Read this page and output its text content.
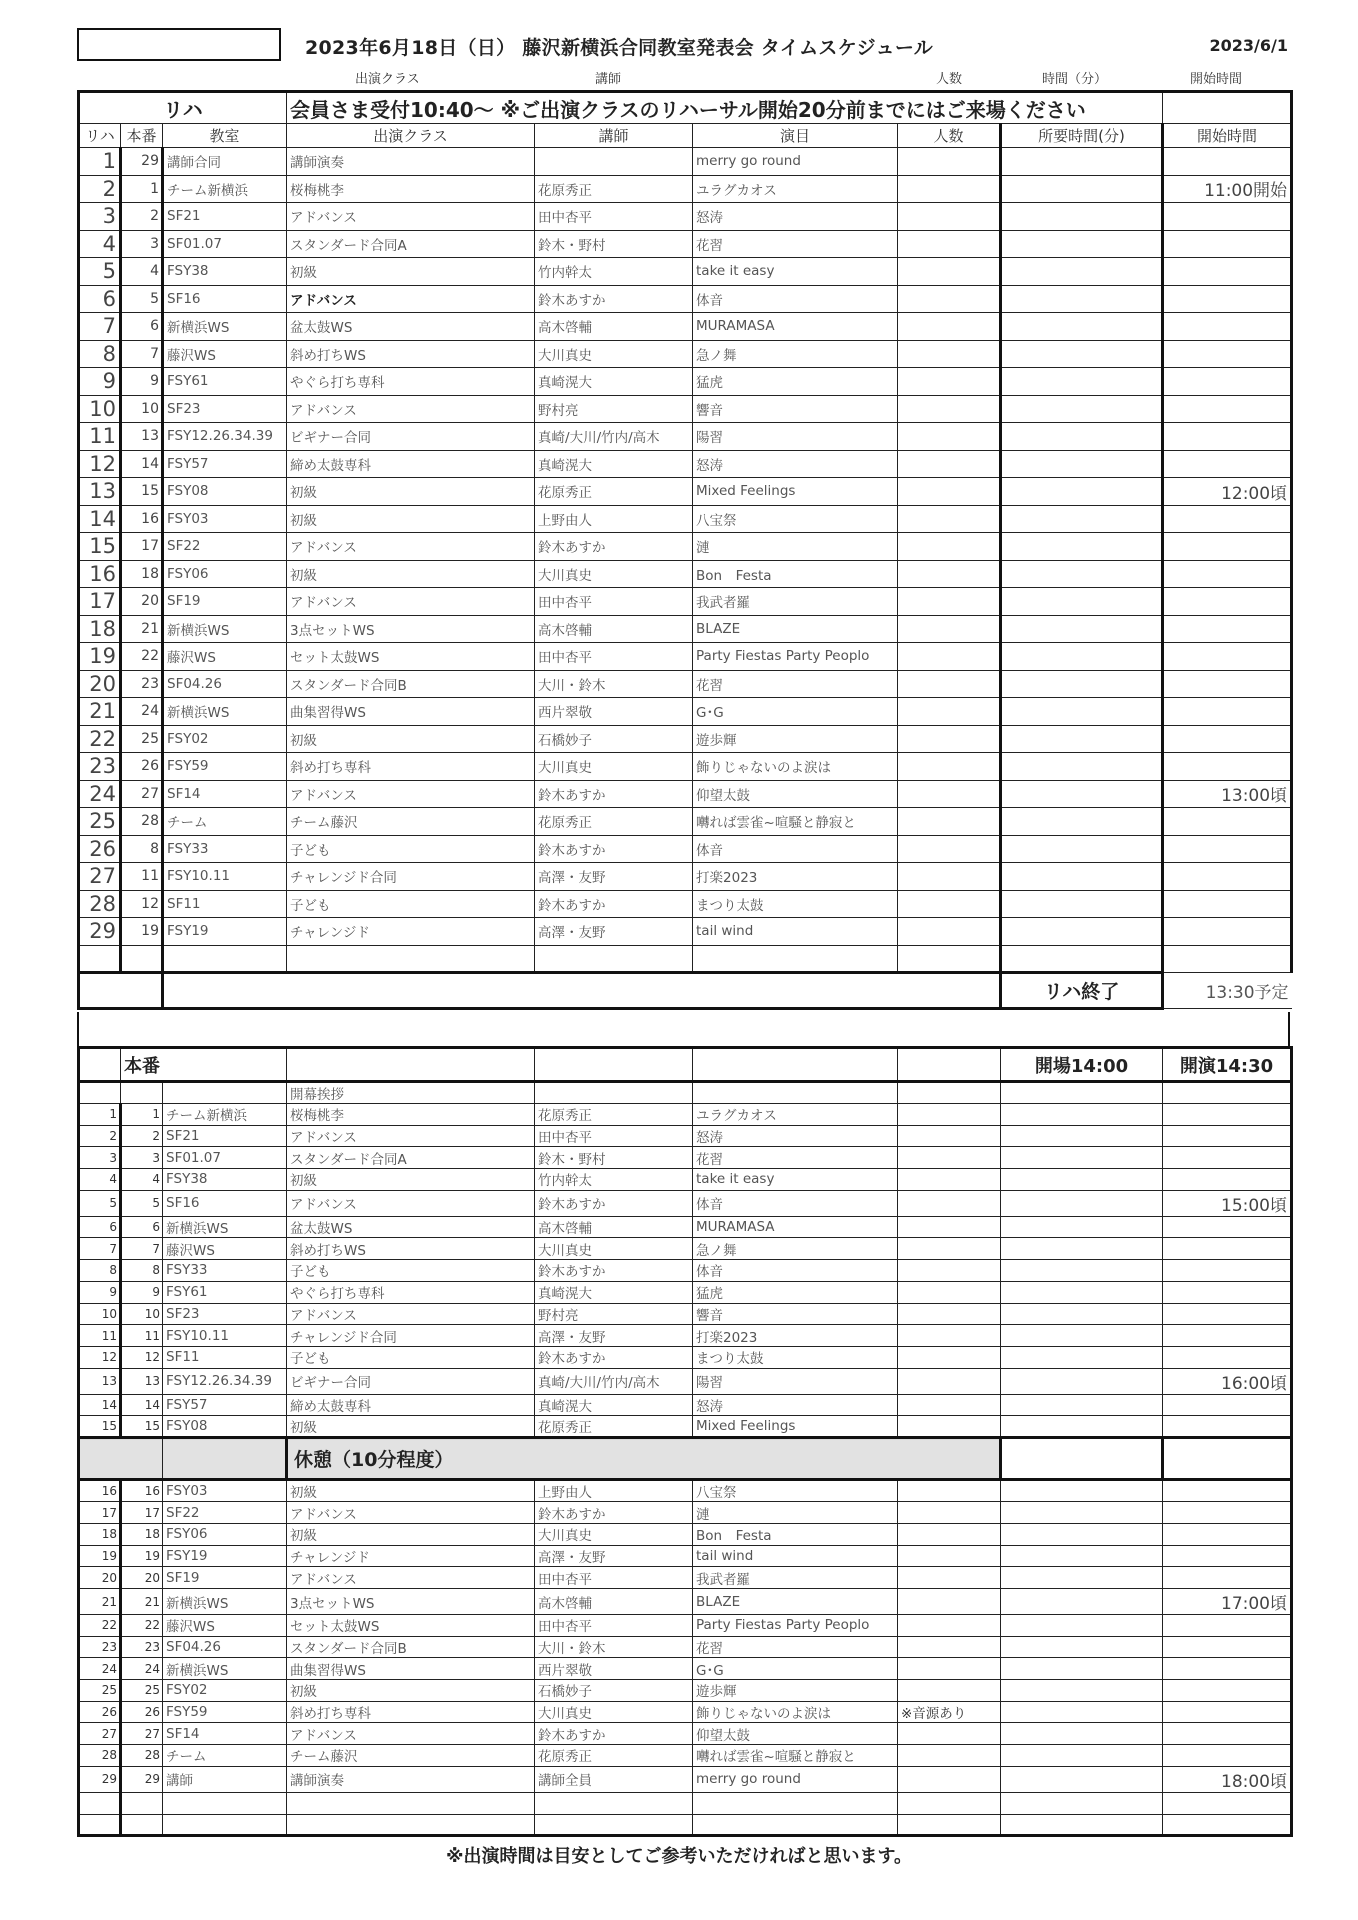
2023年6月18日（日） 藤沢新横浜合同教室発表会 タイムスケジュール	2023/6/1
出演クラス	講師	人数	時間（分）	開始時間
リハ			会員さま受付10:40～ ※ご出演クラスのリハーサル開始20分前までにはご来場ください					
リハ	本番	教室	出演クラス	講師	演目	人数	所要時間(分)	開始時間
1	29	講師合同	講師演奏		merry go round			
2	1	チーム新横浜	桜梅桃李	花原秀正	ユラグカオス			11:00開始
3	2	SF21	アドバンス	田中杏平	怒涛			
4	3	SF01.07	スタンダード合同A	鈴木・野村	花習			
5	4	FSY38	初級	竹内幹太	take it easy			
6	5	SF16	アドバンス	鈴木あすか	体音			
7	6	新横浜WS	盆太鼓WS	高木啓輔	MURAMASA			
8	7	藤沢WS	斜め打ちWS	大川真史	急ノ舞			
9	9	FSY61	やぐら打ち専科	真崎滉大	猛虎			
10	10	SF23	アドバンス	野村亮	響音			
11	13	FSY12.26.34.39	ビギナー合同	真崎/大川/竹内/高木	陽習			
12	14	FSY57	締め太鼓専科	真崎滉大	怒涛			
13	15	FSY08	初級	花原秀正	Mixed Feelings			12:00頃
14	16	FSY03	初級	上野由人	八宝祭			
15	17	SF22	アドバンス	鈴木あすか	漣			
16	18	FSY06	初級	大川真史	Bon　Festa			
17	20	SF19	アドバンス	田中杏平	我武者羅			
18	21	新横浜WS	3点セットWS	高木啓輔	BLAZE			
19	22	藤沢WS	セット太鼓WS	田中杏平	Party Fiestas Party Peoplo			
20	23	SF04.26	スタンダード合同B	大川・鈴木	花習			
21	24	新横浜WS	曲集習得WS	西片翠敬	G･G			
22	25	FSY02	初級	石橋妙子	遊歩輝			
23	26	FSY59	斜め打ち専科	大川真史	飾りじゃないのよ涙は			
24	27	SF14	アドバンス	鈴木あすか	仰望太鼓			13:00頃
25	28	チーム	チーム藤沢	花原秀正	囀れば雲雀~喧騒と静寂と			
26	8	FSY33	子ども	鈴木あすか	体音			
27	11	FSY10.11	チャレンジド合同	高澤・友野	打楽2023			
28	12	SF11	子ども	鈴木あすか	まつり太鼓			
29	19	FSY19	チャレンジド	高澤・友野	tail wind			

							リハ終了	13:30予定
	本番						開場14:00	開演14:30
			開幕挨拶					
1	1	チーム新横浜	桜梅桃李	花原秀正	ユラグカオス			
2	2	SF21	アドバンス	田中杏平	怒涛			
3	3	SF01.07	スタンダード合同A	鈴木・野村	花習			
4	4	FSY38	初級	竹内幹太	take it easy			
5	5	SF16	アドバンス	鈴木あすか	体音			15:00頃
6	6	新横浜WS	盆太鼓WS	高木啓輔	MURAMASA			
7	7	藤沢WS	斜め打ちWS	大川真史	急ノ舞			
8	8	FSY33	子ども	鈴木あすか	体音			
9	9	FSY61	やぐら打ち専科	真崎滉大	猛虎			
10	10	SF23	アドバンス	野村亮	響音			
11	11	FSY10.11	チャレンジド合同	高澤・友野	打楽2023			
12	12	SF11	子ども	鈴木あすか	まつり太鼓			
13	13	FSY12.26.34.39	ビギナー合同	真崎/大川/竹内/高木	陽習			16:00頃
14	14	FSY57	締め太鼓専科	真崎滉大	怒涛			
15	15	FSY08	初級	花原秀正	Mixed Feelings			
			休憩（10分程度）					
16	16	FSY03	初級	上野由人	八宝祭			
17	17	SF22	アドバンス	鈴木あすか	漣			
18	18	FSY06	初級	大川真史	Bon　Festa			
19	19	FSY19	チャレンジド	高澤・友野	tail wind			
20	20	SF19	アドバンス	田中杏平	我武者羅			
21	21	新横浜WS	3点セットWS	高木啓輔	BLAZE			17:00頃
22	22	藤沢WS	セット太鼓WS	田中杏平	Party Fiestas Party Peoplo			
23	23	SF04.26	スタンダード合同B	大川・鈴木	花習			
24	24	新横浜WS	曲集習得WS	西片翠敬	G･G			
25	25	FSY02	初級	石橋妙子	遊歩輝			
26	26	FSY59	斜め打ち専科	大川真史	飾りじゃないのよ涙は	※音源あり		
27	27	SF14	アドバンス	鈴木あすか	仰望太鼓			
28	28	チーム	チーム藤沢	花原秀正	囀れば雲雀~喧騒と静寂と			
29	29	講師	講師演奏	講師全員	merry go round			18:00頃

※出演時間は目安としてご参考いただければと思います。
